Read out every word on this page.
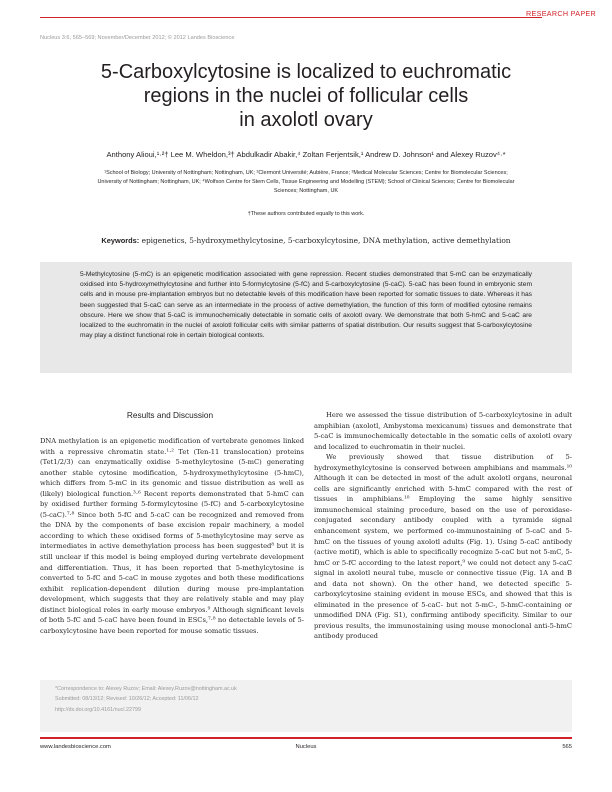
RESEARCH PAPER
Nucleus 3:6, 565–569; November/December 2012; © 2012 Landes Bioscience
5-Carboxylcytosine is localized to euchromatic
regions in the nuclei of follicular cells
in axolotl ovary
Anthony Alioui,¹·²† Lee M. Wheldon,³† Abdulkadir Abakir,⁴ Zoltan Ferjentsik,¹ Andrew D. Johnson¹ and Alexey Ruzov⁴·*
¹School of Biology; University of Nottingham; Nottingham, UK; ²Clermont Université; Aubière, France; ³Medical Molecular Sciences; Centre for Biomolecular Sciences;
University of Nottingham; Nottingham, UK; ⁴Wolfson Centre for Stem Cells, Tissue Engineering and Modelling (STEM); School of Clinical Sciences; Centre for Biomolecular
Sciences; Nottingham, UK
†These authors contributed equally to this work.
Keywords: epigenetics, 5-hydroxymethylcytosine, 5-carboxylcytosine, DNA methylation, active demethylation

5-Methylcytosine (5-mC) is an epigenetic modification associated with gene repression. Recent studies demonstrated that 5-mC can be enzymatically oxidised into 5-hydroxymethylcytosine and further into 5-formylcytosine (5-fC) and 5-carboxylcytosine (5-caC). 5-caC has been found in embryonic stem cells and in mouse pre-implantation embryos but no detectable levels of this modification have been reported for somatic tissues to date. Whereas it has been suggested that 5-caC can serve as an intermediate in the process of active demethylation, the function of this form of modified cytosine remains obscure. Here we show that 5-caC is immunochemically detectable in somatic cells of axolotl ovary. We demonstrate that both 5-hmC and 5-caC are localized to the euchromatin in the nuclei of axolotl follicular cells with similar patterns of spatial distribution. Our results suggest that 5-carboxylcytosine may play a distinct functional role in certain biological contexts.

Results and Discussion

DNA methylation is an epigenetic modification of vertebrate genomes linked with a repressive chromatin state.¹·² Tet (Ten-11 translocation) proteins (Tet1/2/3) can enzymatically oxidise 5-methylcytosine (5-mC) generating another stable cytosine modification, 5-hydroxymethylcytosine (5-hmC), which differs from 5-mC in its genomic and tissue distribution as well as (likely) biological function.³·⁶ Recent reports demonstrated that 5-hmC can by oxidised further forming 5-formylcytosine (5-fC) and 5-carboxylcytosine (5-caC).⁷·⁸ Since both 5-fC and 5-caC can be recognized and removed from the DNA by the components of base excision repair machinery, a model according to which these oxidised forms of 5-methylcytosine may serve as intermediates in active demethylation process has been suggested⁸ but it is still unclear if this model is being employed during vertebrate development and differentiation. Thus, it has been reported that 5-methylcytosine is converted to 5-fC and 5-caC in mouse zygotes and both these modifications exhibit replication-dependent dilution during mouse pre-implantation development, which suggests that they are relatively stable and may play distinct biological roles in early mouse embryos.⁹ Although significant levels of both 5-fC and 5-caC have been found in ESCs,⁷·⁸ no detectable levels of 5-carboxylcytosine have been reported for mouse somatic tissues.

Here we assessed the tissue distribution of 5-carboxylcytosine in adult amphibian (axolotl, Ambystoma mexicanum) tissues and demonstrate that 5-caC is immunochemically detectable in the somatic cells of axolotl ovary and localized to euchromatin in their nuclei.

We previously showed that tissue distribution of 5-hydroxymethylcytosine is conserved between amphibians and mammals.¹⁰ Although it can be detected in most of the adult axolotl organs, neuronal cells are significantly enriched with 5-hmC compared with the rest of tissues in amphibians.¹⁰ Employing the same highly sensitive immunochemical staining procedure, based on the use of peroxidase-conjugated secondary antibody coupled with a tyramide signal enhancement system, we performed co-immunostaining of 5-caC and 5-hmC on the tissues of young axolotl adults (Fig. 1). Using 5-caC antibody (active motif), which is able to specifically recognize 5-caC but not 5-mC, 5-hmC or 5-fC according to the latest report,⁹ we could not detect any 5-caC signal in axolotl neural tube, muscle or connective tissue (Fig. 1A and B and data not shown). On the other hand, we detected specific 5-carboxylcytosine staining evident in mouse ESCs, and showed that this is eliminated in the presence of 5-caC- but not 5-mC-, 5-hmC-containing or unmodified DNA (Fig. S1), confirming antibody specificity. Similar to our previous results, the immunostaining using mouse monoclonal anti-5-hmC antibody produced

*Correspondence to: Alexey Ruzov; Email: Alexey.Ruzov@nottingham.ac.uk
Submitted: 08/13/12; Revised: 10/26/12; Accepted: 11/06/12
http://dx.doi.org/10.4161/nucl.22799
www.landesbioscience.com	Nucleus	565
